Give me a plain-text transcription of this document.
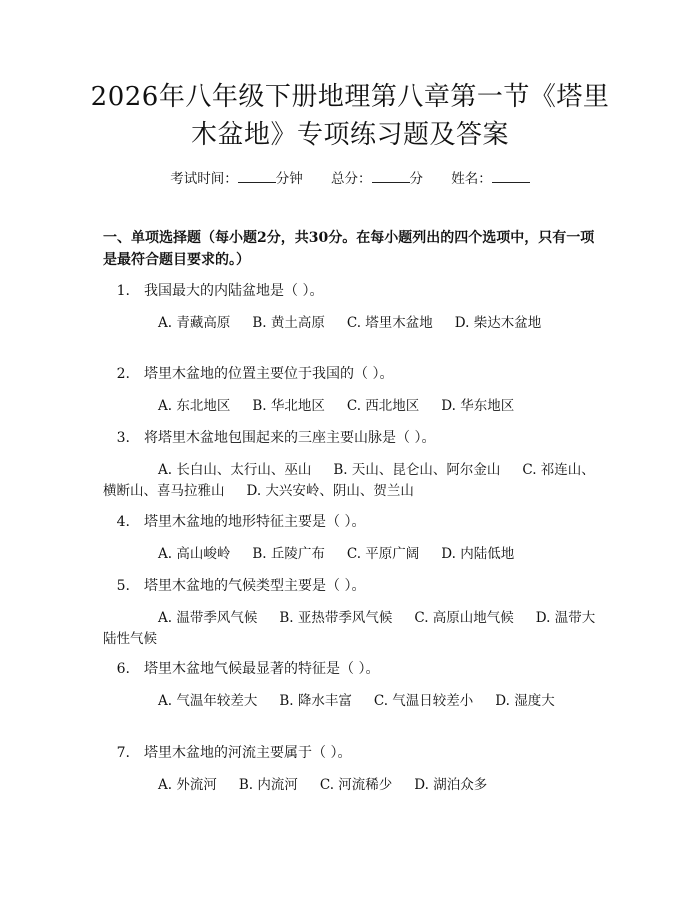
2026年八年级下册地理第八章第一节《塔里
木盆地》专项练习题及答案
考试时间：	分钟 总分：	分 姓名：
一、单项选择题（每小题2分，共30分。在每小题列出的四个选项中，只有一项是最符合题目要求的。）
1. 我国最大的内陆盆地是（ ）。
A. 青藏高原 B. 黄土高原 C. 塔里木盆地 D. 柴达木盆地
2. 塔里木盆地的位置主要位于我国的（ ）。
A. 东北地区 B. 华北地区 C. 西北地区 D. 华东地区
3. 将塔里木盆地包围起来的三座主要山脉是（ ）。
A. 长白山、太行山、巫山 B. 天山、昆仑山、阿尔金山 C. 祁连山、横断山、喜马拉雅山 D. 大兴安岭、阴山、贺兰山
4. 塔里木盆地的地形特征主要是（ ）。
A. 高山峻岭 B. 丘陵广布 C. 平原广阔 D. 内陆低地
5. 塔里木盆地的气候类型主要是（ ）。
A. 温带季风气候 B. 亚热带季风气候 C. 高原山地气候 D. 温带大陆性气候
6. 塔里木盆地气候最显著的特征是（ ）。
A. 气温年较差大 B. 降水丰富 C. 气温日较差小 D. 湿度大
7. 塔里木盆地的河流主要属于（ ）。
A. 外流河 B. 内流河 C. 河流稀少 D. 湖泊众多
